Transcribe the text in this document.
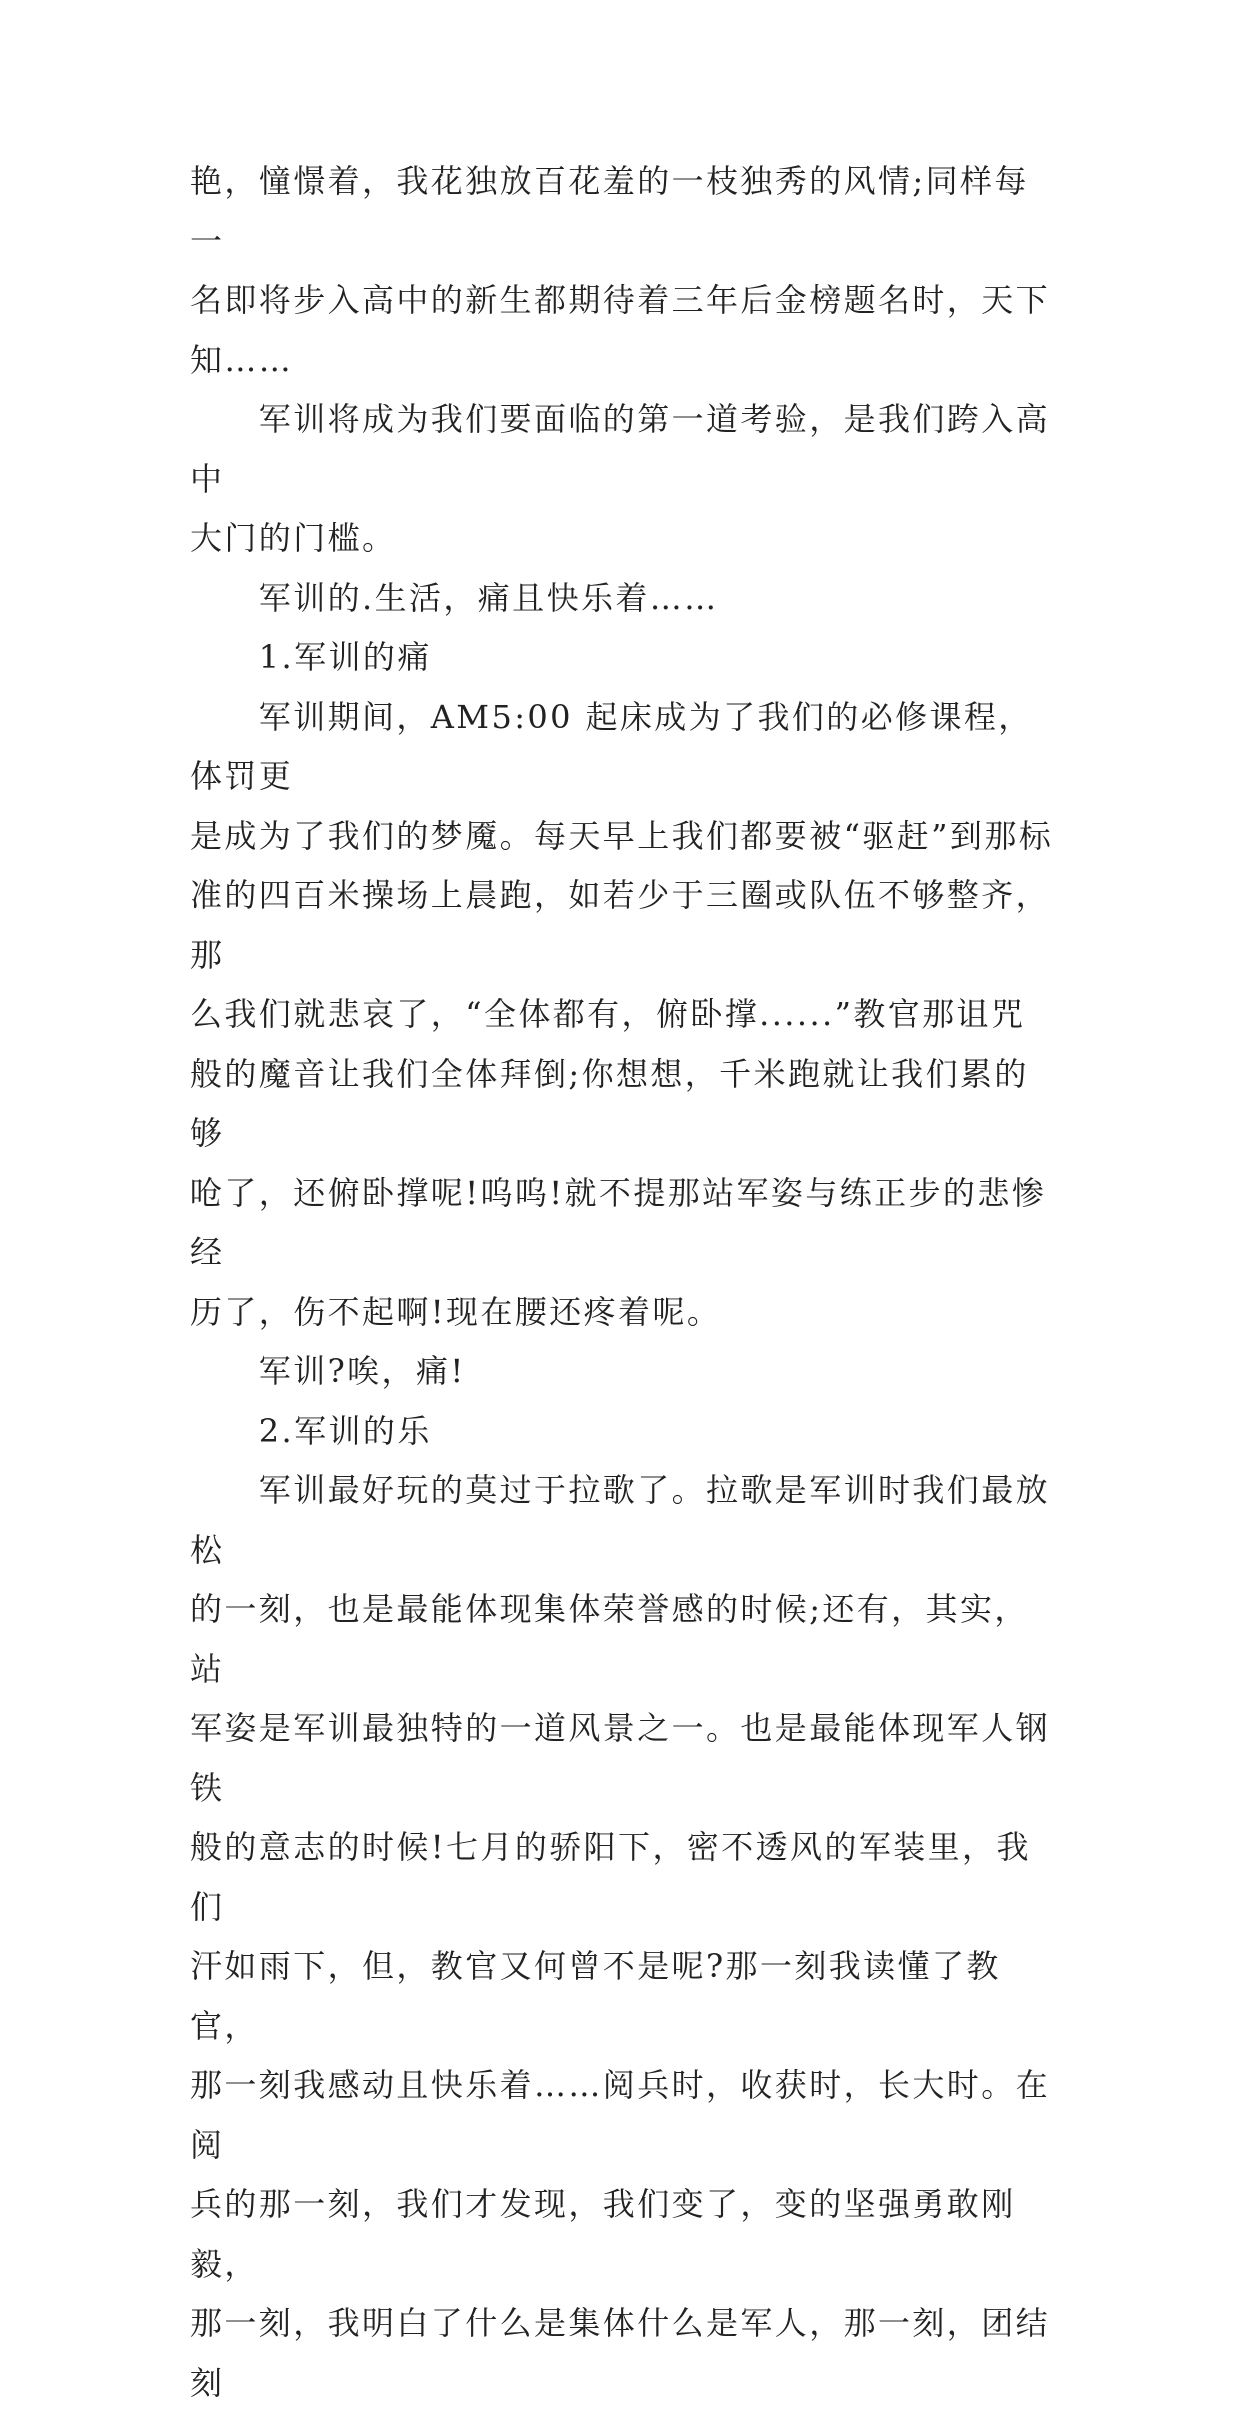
艳，憧憬着，我花独放百花羞的一枝独秀的风情;同样每一
名即将步入高中的新生都期待着三年后金榜题名时，天下
知……

　　军训将成为我们要面临的第一道考验，是我们跨入高中
大门的门槛。

　　军训的.生活，痛且快乐着……

　　1.军训的痛

　　军训期间，AM5:00 起床成为了我们的必修课程，体罚更
是成为了我们的梦魇。每天早上我们都要被“驱赶”到那标
准的四百米操场上晨跑，如若少于三圈或队伍不够整齐，那
么我们就悲哀了，“全体都有，俯卧撑......”教官那诅咒
般的魔音让我们全体拜倒;你想想，千米跑就让我们累的够
呛了，还俯卧撑呢!呜呜!就不提那站军姿与练正步的悲惨经
历了，伤不起啊!现在腰还疼着呢。

　　军训?唉，痛!

　　2.军训的乐

　　军训最好玩的莫过于拉歌了。拉歌是军训时我们最放松
的一刻，也是最能体现集体荣誉感的时候;还有，其实，站
军姿是军训最独特的一道风景之一。也是最能体现军人钢铁
般的意志的时候!七月的骄阳下，密不透风的军装里，我们
汗如雨下，但，教官又何曾不是呢?那一刻我读懂了教官，
那一刻我感动且快乐着……阅兵时，收获时，长大时。在阅
兵的那一刻，我们才发现，我们变了，变的坚强勇敢刚毅，
那一刻，我明白了什么是集体什么是军人，那一刻，团结刻
